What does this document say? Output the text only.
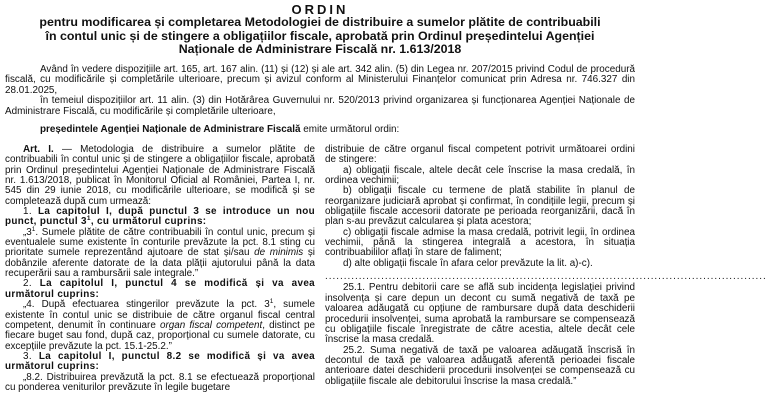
ORDIN
pentru modificarea și completarea Metodologiei de distribuire a sumelor plătite de contribuabili
în contul unic și de stingere a obligațiilor fiscale, aprobată prin Ordinul președintelui Agenției
Naționale de Administrare Fiscală nr. 1.613/2018

Având în vedere dispozițiile art. 165, art. 167 alin. (11) și (12) și ale art. 342 alin. (5) din Legea nr. 207/2015 privind Codul de procedură fiscală, cu modificările și completările ulterioare, precum și avizul conform al Ministerului Finanțelor comunicat prin Adresa nr. 746.327 din 28.01.2025,

în temeiul dispozițiilor art. 11 alin. (3) din Hotărârea Guvernului nr. 520/2013 privind organizarea și funcționarea Agenției Naționale de Administrare Fiscală, cu modificările și completările ulterioare,

președintele Agenției Naționale de Administrare Fiscală emite următorul ordin:

Art. I. — Metodologia de distribuire a sumelor plătite de contribuabili în contul unic și de stingere a obligațiilor fiscale, aprobată prin Ordinul președintelui Agenției Naționale de Administrare Fiscală nr. 1.613/2018, publicat în Monitorul Oficial al României, Partea I, nr. 545 din 29 iunie 2018, cu modificările ulterioare, se modifică și se completează după cum urmează:

1. La capitolul I, după punctul 3 se introduce un nou punct, punctul $3^1$, cu următorul cuprins:

$„3^1$. Sumele plătite de către contribuabili în contul unic, precum și eventualele sume existente în conturile prevăzute la pct. 8.1 sting cu prioritate sumele reprezentând ajutoare de stat și/sau de minimis și dobânzile aferente datorate de la data plății ajutorului până la data recuperării sau a rambursării sale integrale.”

2. La capitolul I, punctul 4 se modifică și va avea următorul cuprins:

„4. După efectuarea stingerilor prevăzute la pct. $3^1$, sumele existente în contul unic se distribuie de către organul fiscal central competent, denumit în continuare organ fiscal competent, distinct pe fiecare buget sau fond, după caz, proporțional cu sumele datorate, cu excepțiile prevăzute la pct. 15.1-25.2.”

3. La capitolul I, punctul 8.2 se modifică și va avea următorul cuprins:

„8.2. Distribuirea prevăzută la pct. 8.1 se efectuează proporțional cu ponderea veniturilor prevăzute în legile bugetare

distribuie de către organul fiscal competent potrivit următoarei ordini de stingere:

a) obligații fiscale, altele decât cele înscrise la masa credală, în ordinea vechimii;

b) obligații fiscale cu termene de plată stabilite în planul de reorganizare judiciară aprobat și confirmat, în condițiile legii, precum și obligațiile fiscale accesorii datorate pe perioada reorganizării, dacă în plan s-au prevăzut calcularea și plata acestora;

c) obligații fiscale admise la masa credală, potrivit legii, în ordinea vechimii, până la stingerea integrală a acestora, în situația contribuabililor aflați în stare de faliment;

d) alte obligații fiscale în afara celor prevăzute la lit. a)-c).

......................................................................................................................

25.1. Pentru debitorii care se află sub incidența legislației privind insolvența și care depun un decont cu sumă negativă de taxă pe valoarea adăugată cu opțiune de rambursare după data deschiderii procedurii insolvenței, suma aprobată la rambursare se compensează cu obligațiile fiscale înregistrate de către acestia, altele decât cele înscrise la masa credală.

25.2. Suma negativă de taxă pe valoarea adăugată înscrisă în decontul de taxă pe valoarea adăugată aferentă perioadei fiscale anterioare datei deschiderii procedurii insolvenței se compensează cu obligațiile fiscale ale debitorului înscrise la masa credală.”
